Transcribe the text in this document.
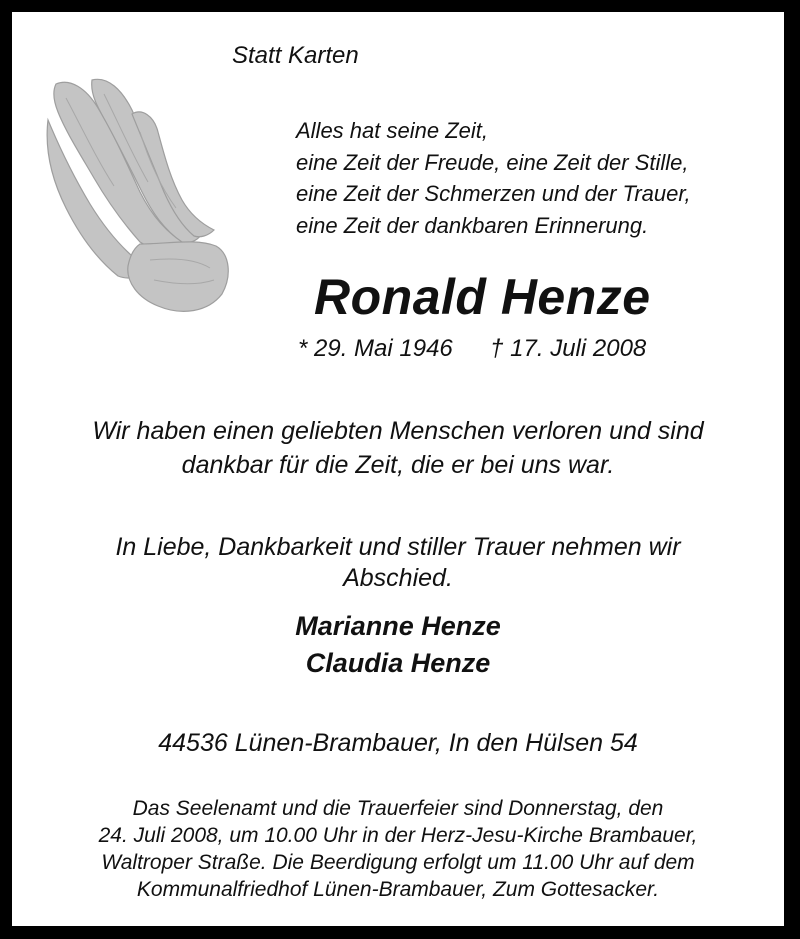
Statt Karten

Alles hat seine Zeit,
eine Zeit der Freude, eine Zeit der Stille,
eine Zeit der Schmerzen und der Trauer,
eine Zeit der dankbaren Erinnerung.

Ronald Henze

* 29. Mai 1946 † 17. Juli 2008

Wir haben einen geliebten Menschen verloren und sind
dankbar für die Zeit, die er bei uns war.
In Liebe, Dankbarkeit und stiller Trauer nehmen wir
Abschied.

Marianne Henze

Claudia Henze

44536 Lünen-Brambauer, In den Hülsen 54

Das Seelenamt und die Trauerfeier sind Donnerstag, den
24. Juli 2008, um 10.00 Uhr in der Herz-Jesu-Kirche Brambauer,
Waltroper Straße. Die Beerdigung erfolgt um 11.00 Uhr auf dem
Kommunalfriedhof Lünen-Brambauer, Zum Gottesacker.
